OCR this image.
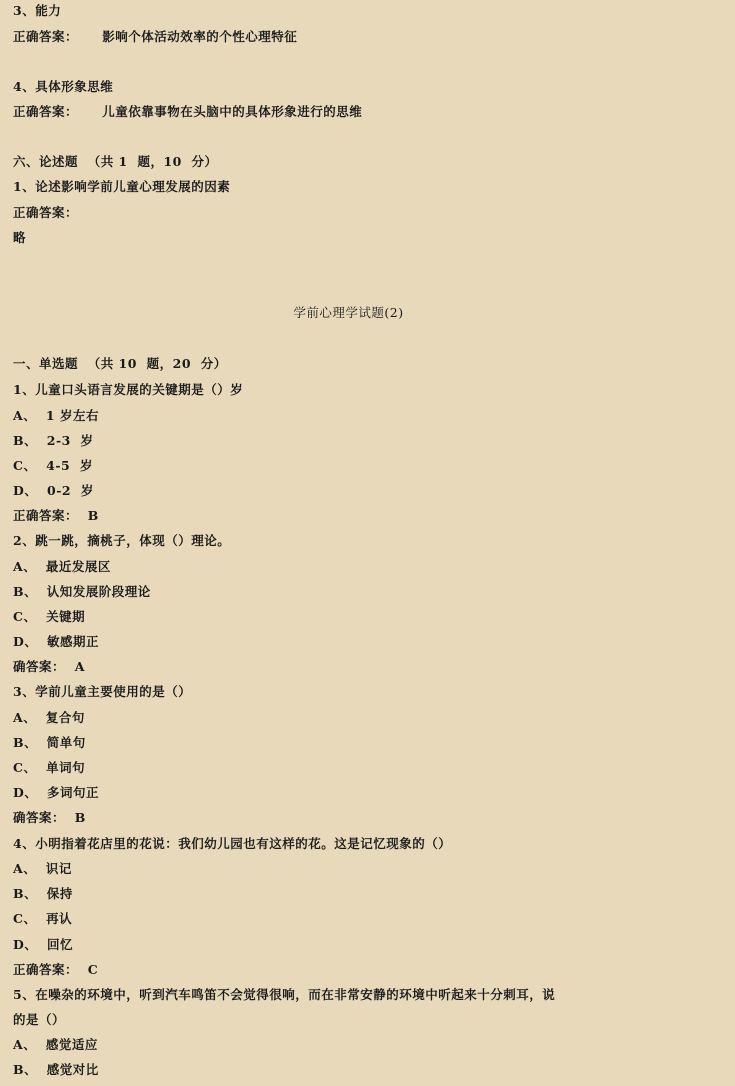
3、能力
正确答案：     影响个体活动效率的个性心理特征
4、具体形象思维
正确答案：     儿童依靠事物在头脑中的具体形象进行的思维
六、论述题  （共 1  题，10  分）
1、论述影响学前儿童心理发展的因素
正确答案：
略
学前心理学试题(2)
一、单选题  （共 10  题，20  分）
1、儿童口头语言发展的关键期是（）岁
A、  1 岁左右
B、  2-3  岁
C、  4-5  岁
D、  0-2  岁
正确答案：  B
2、跳一跳，摘桃子，体现（）理论。
A、  最近发展区
B、  认知发展阶段理论
C、  关键期
D、  敏感期正
确答案：  A
3、学前儿童主要使用的是（）
A、  复合句
B、  简单句
C、  单词句
D、  多词句正
确答案：  B
4、小明指着花店里的花说：我们幼儿园也有这样的花。这是记忆现象的（）
A、  识记
B、  保持
C、  再认
D、  回忆
正确答案：  C
5、在噪杂的环境中，听到汽车鸣笛不会觉得很响，而在非常安静的环境中听起来十分刺耳，说
的是（）
A、  感觉适应
B、  感觉对比
